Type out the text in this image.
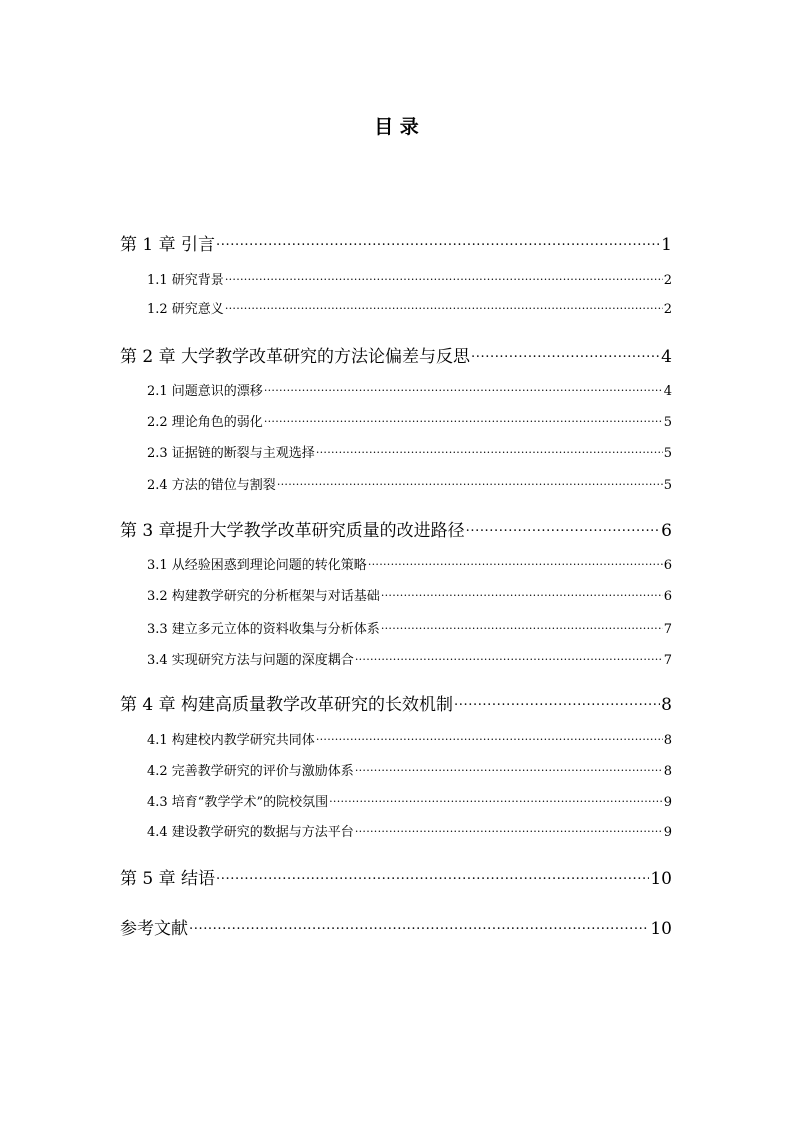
目 录
第 1 章 引言 .....	1
1.1 研究背景 .....	2
1.2 研究意义 .....	2
第 2 章 大学教学改革研究的方法论偏差与反思 .....	4
2.1 问题意识的漂移 .....	4
2.2 理论角色的弱化 .....	5
2.3 证据链的断裂与主观选择 .....	5
2.4 方法的错位与割裂 .....	5
第 3 章提升大学教学改革研究质量的改进路径 .....	6
3.1 从经验困惑到理论问题的转化策略 .....	6
3.2 构建教学研究的分析框架与对话基础 .....	6
3.3 建立多元立体的资料收集与分析体系 .....	7
3.4 实现研究方法与问题的深度耦合 .....	7
第 4 章 构建高质量教学改革研究的长效机制 .....	8
4.1 构建校内教学研究共同体 .....	8
4.2 完善教学研究的评价与激励体系 .....	8
4.3 培育“教学学术”的院校氛围 .....	9
4.4 建设教学研究的数据与方法平台 .....	9
第 5 章 结语 .....	10
参考文献 .....	10
